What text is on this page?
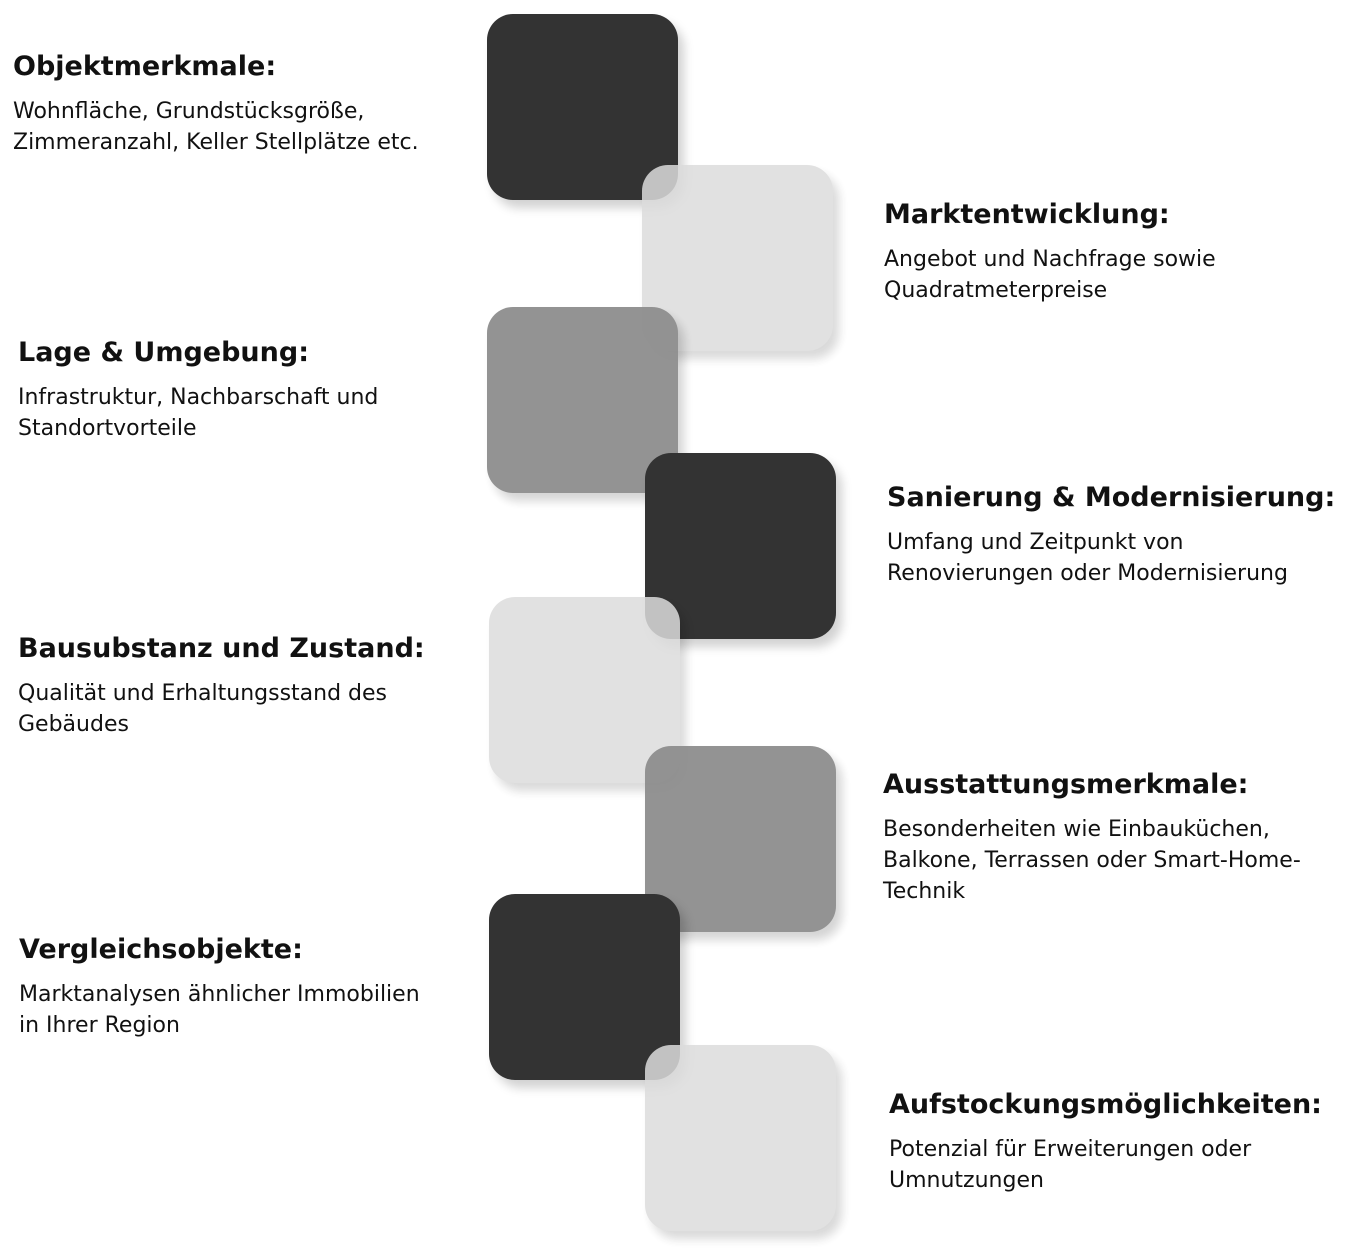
Objektmerkmale:

Wohnfläche, Grundstücksgröße,
Zimmeranzahl, Keller Stellplätze etc.

Marktentwicklung:

Angebot und Nachfrage sowie
Quadratmeterpreise

Lage & Umgebung:

Infrastruktur, Nachbarschaft und
Standortvorteile

Sanierung & Modernisierung:

Umfang und Zeitpunkt von
Renovierungen oder Modernisierung

Bausubstanz und Zustand:

Qualität und Erhaltungsstand des
Gebäudes

Ausstattungsmerkmale:

Besonderheiten wie Einbauküchen,
Balkone, Terrassen oder Smart-Home-
Technik

Vergleichsobjekte:

Marktanalysen ähnlicher Immobilien
in Ihrer Region

Aufstockungsmöglichkeiten:

Potenzial für Erweiterungen oder
Umnutzungen
